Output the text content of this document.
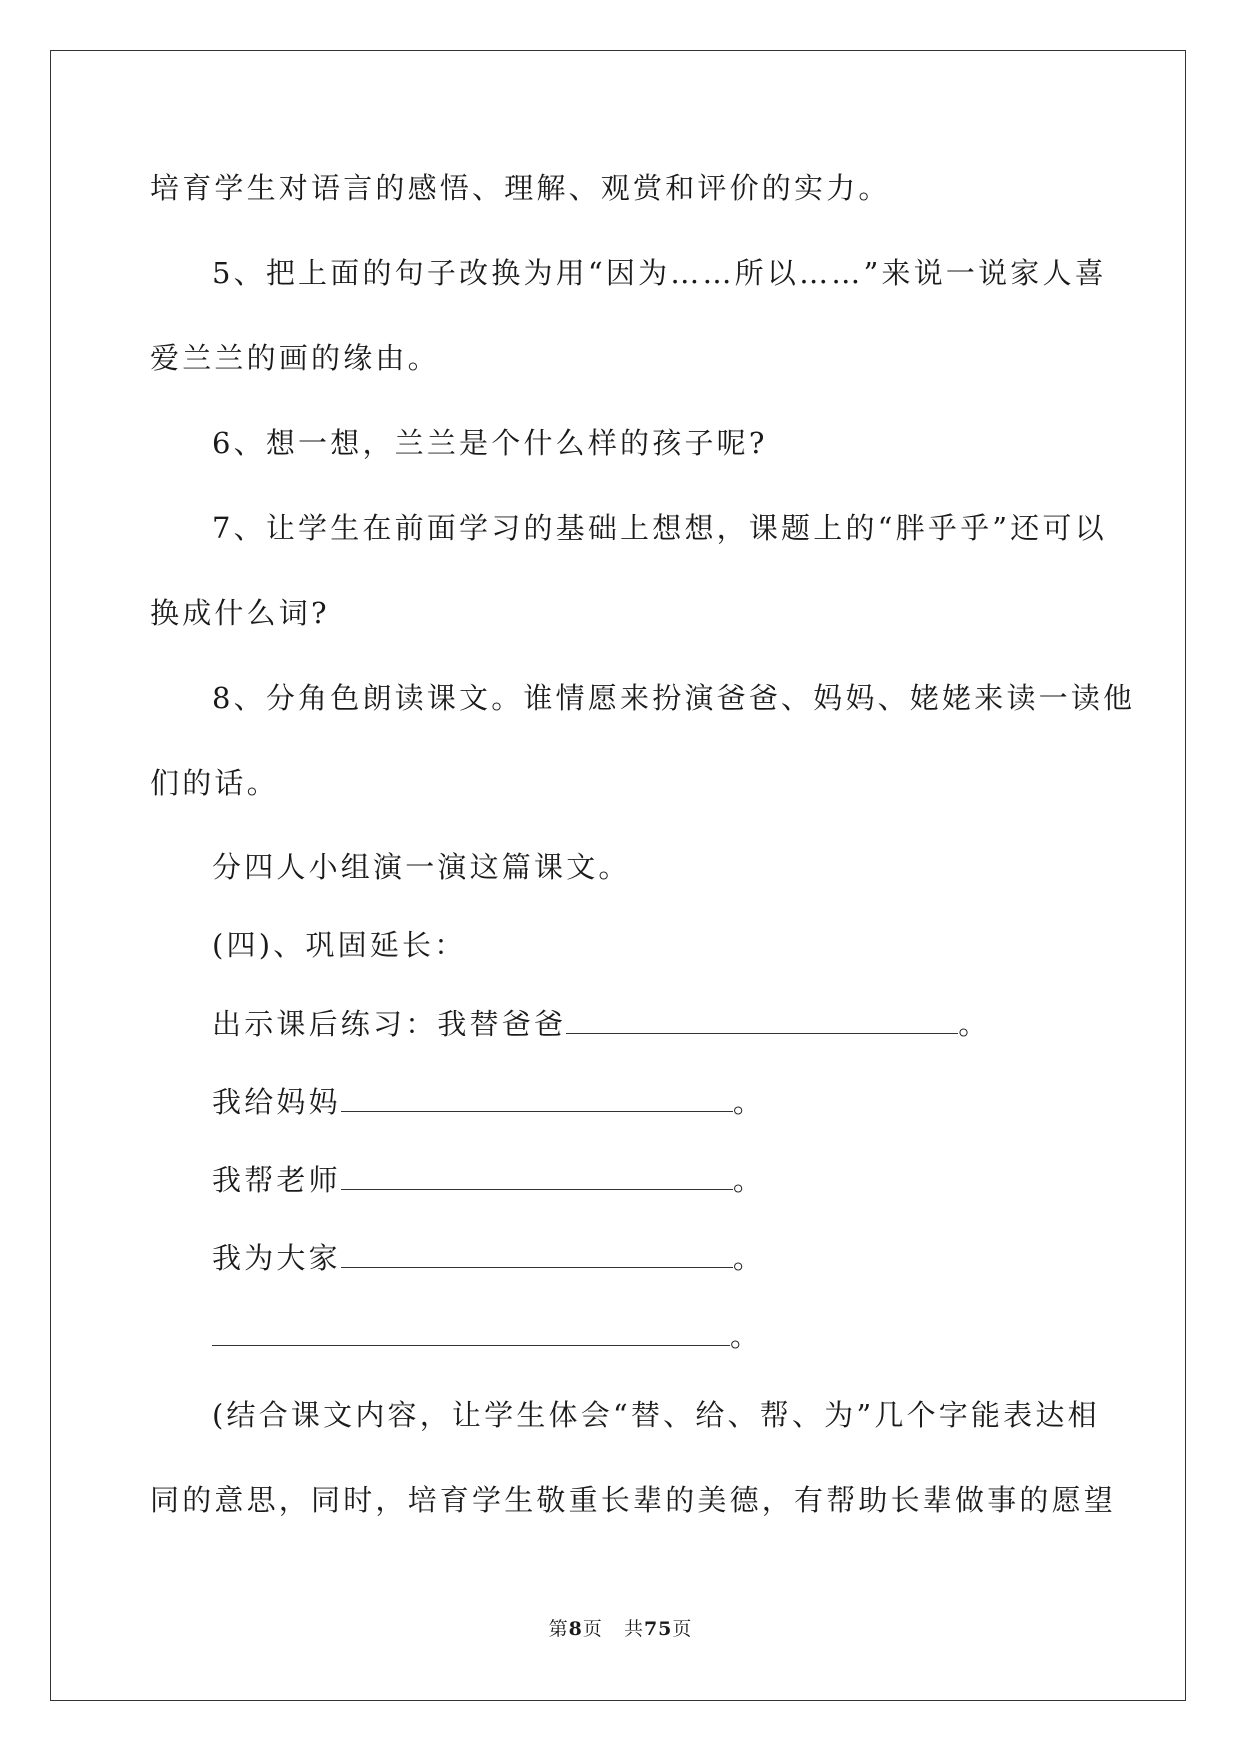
培育学生对语言的感悟、理解、观赏和评价的实力。
5、把上面的句子改换为用“因为……所以……”来说一说家人喜
爱兰兰的画的缘由。
6、想一想，兰兰是个什么样的孩子呢?
7、让学生在前面学习的基础上想想，课题上的“胖乎乎”还可以
换成什么词?
8、分角色朗读课文。谁情愿来扮演爸爸、妈妈、姥姥来读一读他
们的话。
分四人小组演一演这篇课文。
(四)、巩固延长：
出示课后练习：我替爸爸	。
我给妈妈	。
我帮老师	。
我为大家	。
。
(结合课文内容，让学生体会“替、给、帮、为”几个字能表达相
同的意思，同时，培育学生敬重长辈的美德，有帮助长辈做事的愿望
第8页   共75页
